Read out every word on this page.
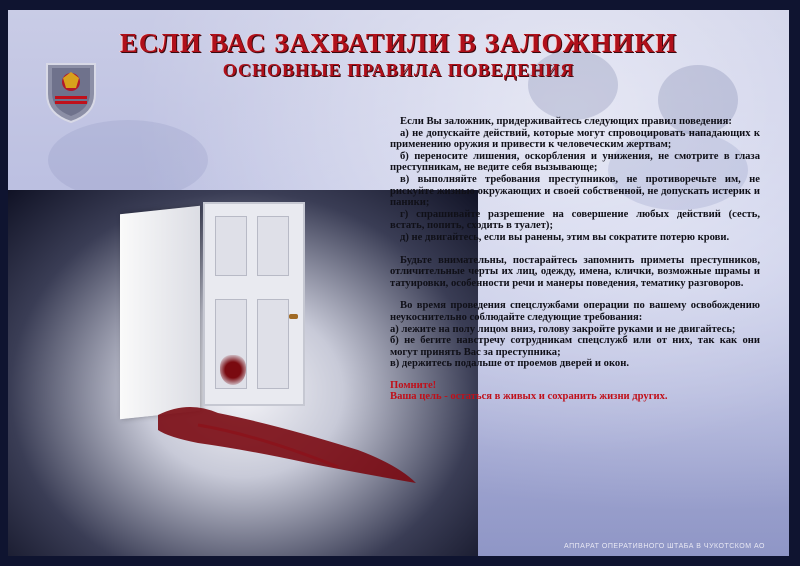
ЕСЛИ ВАС ЗАХВАТИЛИ В ЗАЛОЖНИКИ
ОСНОВНЫЕ ПРАВИЛА ПОВЕДЕНИЯ

Если Вы заложник, придерживайтесь следующих правил поведения:

а) не допускайте действий, которые могут спровоцировать нападающих к применению оружия и привести к человеческим жертвам;

б) переносите лишения, оскорбления и унижения, не смотрите в глаза преступникам, не ведите себя вызывающе;

в) выполняйте требования преступников, не противоречьте им, не рискуйте жизнью окружающих и своей собственной, не допускать истерик и паники;

г) спрашивайте разрешение на совершение любых действий (сесть, встать, попить, сходить в туалет);

д) не двигайтесь, если вы ранены, этим вы сократите потерю крови.

Будьте внимательны, постарайтесь запомнить приметы преступников, отличительные черты их лиц, одежду, имена, клички, возможные шрамы и татуировки, особенности речи и манеры поведения, тематику разговоров.

Во время проведения спецслужбами операции по вашему освобождению неукоснительно соблюдайте следующие требования:

а) лежите на полу лицом вниз, голову закройте руками и не двигайтесь;

б) не бегите навстречу сотрудникам спецслужб или от них, так как они могут принять Вас за преступника;

в) держитесь подальше от проемов дверей и окон.

Помните!
Ваша цель - остаться в живых и сохранить жизни других.
АППАРАТ ОПЕРАТИВНОГО ШТАБА В ЧУКОТСКОМ АО
